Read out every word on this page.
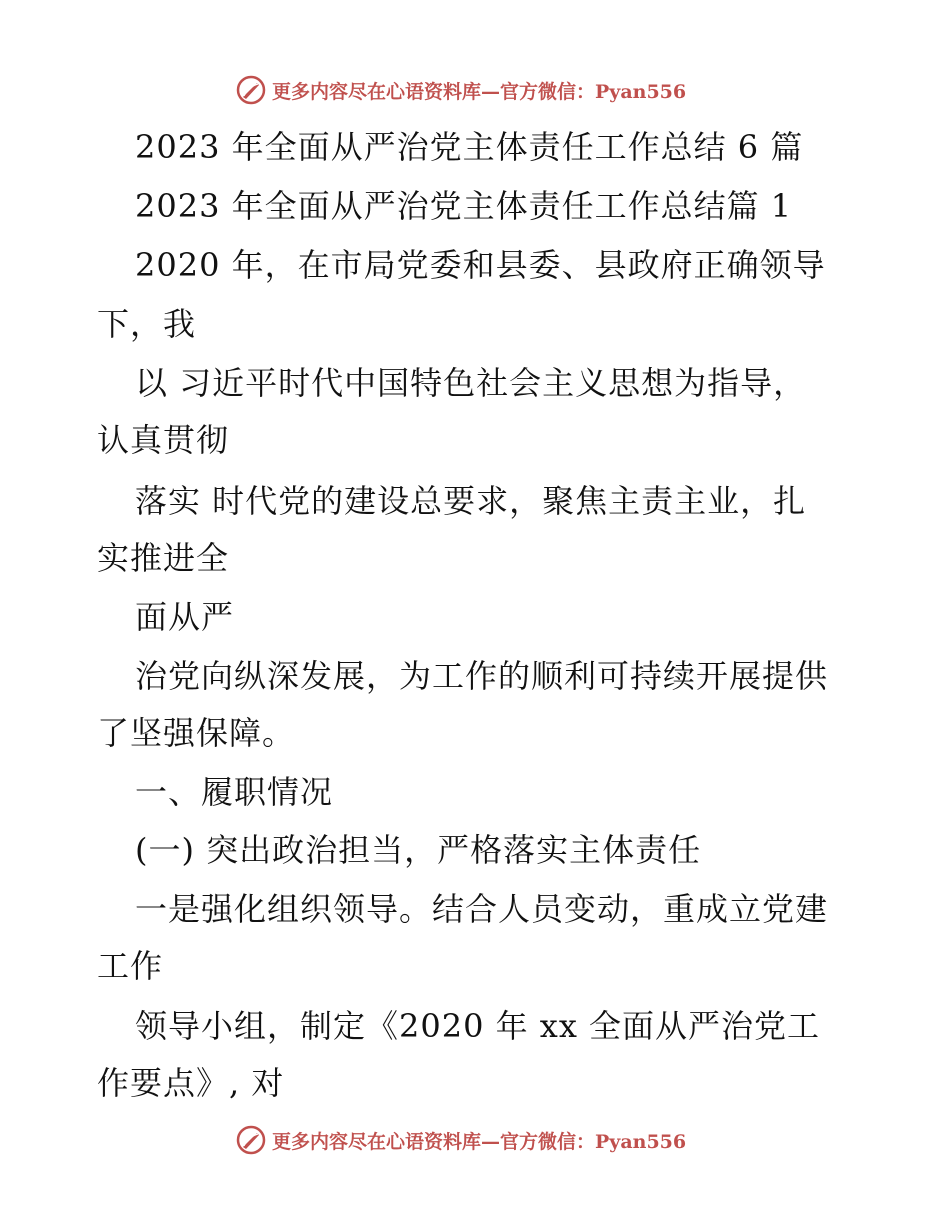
更多内容尽在心语资料库—官方微信：Pyan556
2023 年全面从严治党主体责任工作总结 6 篇
2023 年全面从严治党主体责任工作总结篇 1
2020 年，在市局党委和县委、县政府正确领导
下，我
以 习近平时代中国特色社会主义思想为指导，
认真贯彻
落实 时代党的建设总要求，聚焦主责主业，扎
实推进全
面从严
治党向纵深发展，为工作的顺利可持续开展提供
了坚强保障。
一、履职情况
(一) 突出政治担当，严格落实主体责任
一是强化组织领导。结合人员变动，重成立党建
工作
领导小组，制定《2020 年 xx 全面从严治党工
作要点》, 对
更多内容尽在心语资料库—官方微信：Pyan556
